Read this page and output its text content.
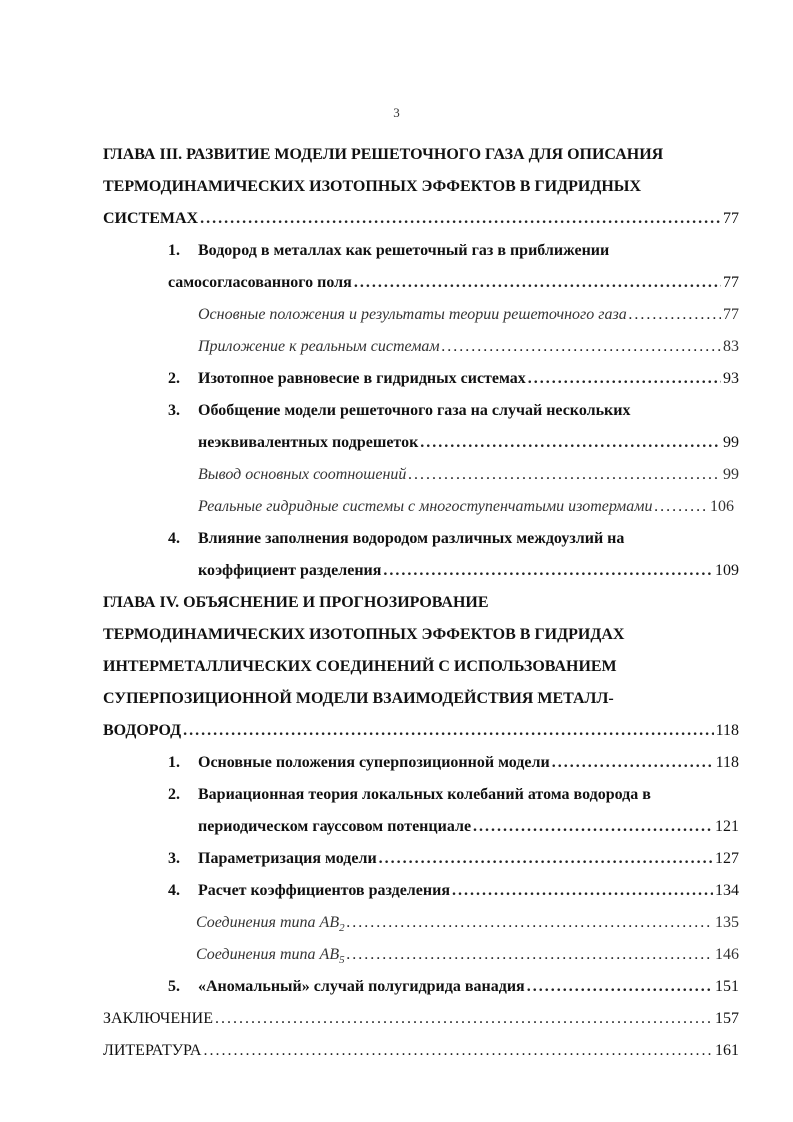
3
ГЛАВА III. РАЗВИТИЕ МОДЕЛИ РЕШЕТОЧНОГО ГАЗА ДЛЯ ОПИСАНИЯ
ТЕРМОДИНАМИЧЕСКИХ ИЗОТОПНЫХ ЭФФЕКТОВ В ГИДРИДНЫХ
СИСТЕМАХ .....	77
1. Водород в металлах как решеточный газ в приближении
самосогласованного поля .....	77
Основные положения и результаты теории решеточного газа .....	77
Приложение к реальным системам .....	83
2. Изотопное равновесие в гидридных системах .....	93
3. Обобщение модели решеточного газа на случай нескольких
неэквивалентных подрешеток .....	99
Вывод основных соотношений .....	99
Реальные гидридные системы с многоступенчатыми изотермами .....	106
4. Влияние заполнения водородом различных междоузлий на
коэффициент разделения .....	109
ГЛАВА IV. ОБЪЯСНЕНИЕ И ПРОГНОЗИРОВАНИЕ
ТЕРМОДИНАМИЧЕСКИХ ИЗОТОПНЫХ ЭФФЕКТОВ В ГИДРИДАХ
ИНТЕРМЕТАЛЛИЧЕСКИХ СОЕДИНЕНИЙ С ИСПОЛЬЗОВАНИЕМ
СУПЕРПОЗИЦИОННОЙ МОДЕЛИ ВЗАИМОДЕЙСТВИЯ МЕТАЛЛ-
ВОДОРОД .....	118
1. Основные положения суперпозиционной модели .....	118
2. Вариационная теория локальных колебаний атома водорода в
периодическом гауссовом потенциале .....	121
3. Параметризация модели .....	127
4. Расчет коэффициентов разделения .....	134
Соединения типа $AB_2$ .....	135
Соединения типа $AB_5$ .....	146
5. «Аномальный» случай полугидрида ванадия .....	151
ЗАКЛЮЧЕНИЕ .....	157
ЛИТЕРАТУРА .....	161
